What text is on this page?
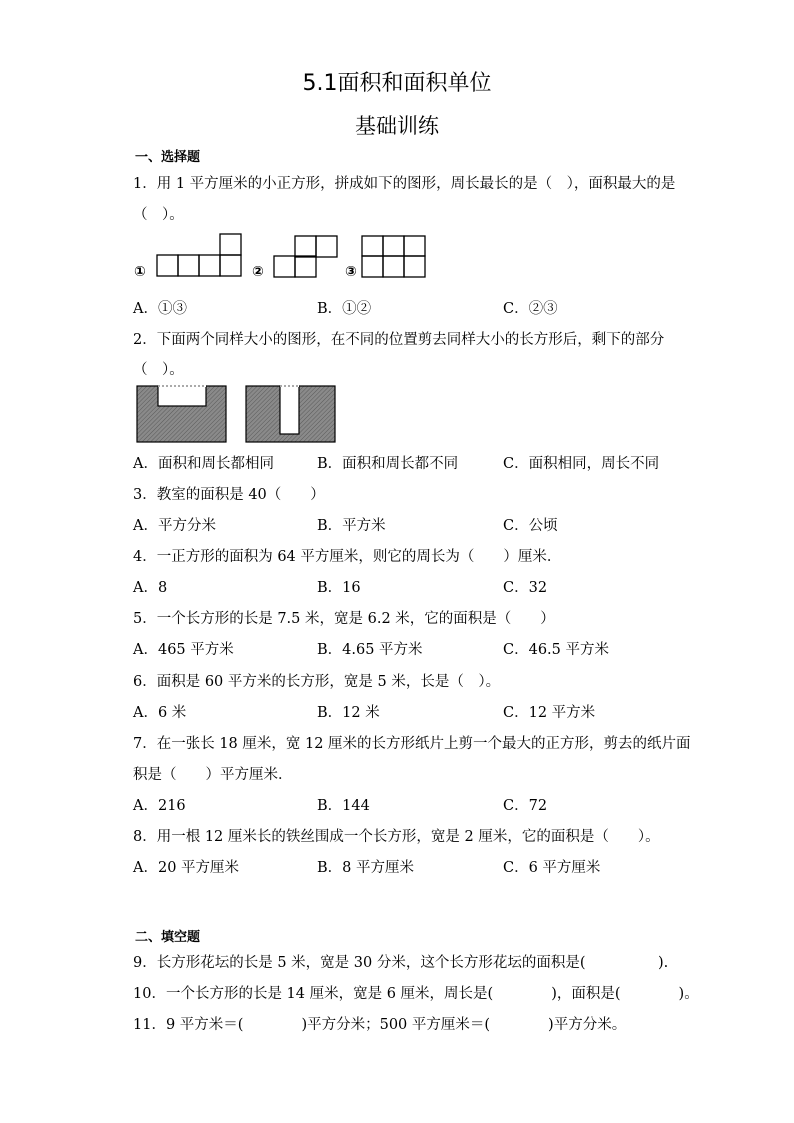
5.1面积和面积单位
基础训练
一、选择题
1．用 1 平方厘米的小正方形，拼成如下的图形，周长最长的是（　），面积最大的是
（　）。
①	②	③
A．①③	B．①②	C．②③
2．下面两个同样大小的图形，在不同的位置剪去同样大小的长方形后，剩下的部分
（　）。
A．面积和周长都相同	B．面积和周长都不同	C．面积相同，周长不同
3．教室的面积是 40（　　）
A．平方分米	B．平方米	C．公顷
4．一正方形的面积为 64 平方厘米，则它的周长为（　　）厘米．
A．8	B．16	C．32
5．一个长方形的长是 7.5 米，宽是 6.2 米，它的面积是（　　）
A．465 平方米	B．4.65 平方米	C．46.5 平方米
6．面积是 60 平方米的长方形，宽是 5 米，长是（　）。
A．6 米	B．12 米	C．12 平方米
7．在一张长 18 厘米，宽 12 厘米的长方形纸片上剪一个最大的正方形，剪去的纸片面
积是（　　）平方厘米．
A．216	B．144	C．72
8．用一根 12 厘米长的铁丝围成一个长方形，宽是 2 厘米，它的面积是（　　）。
A．20 平方厘米	B．8 平方厘米	C．6 平方厘米
二、填空题
9．长方形花坛的长是 5 米，宽是 30 分米，这个长方形花坛的面积是(　　　　　).
10．一个长方形的长是 14 厘米，宽是 6 厘米，周长是(　　　　)，面积是(　　　　)。
11．9 平方米＝(　　　　)平方分米；500 平方厘米＝(　　　　)平方分米。
